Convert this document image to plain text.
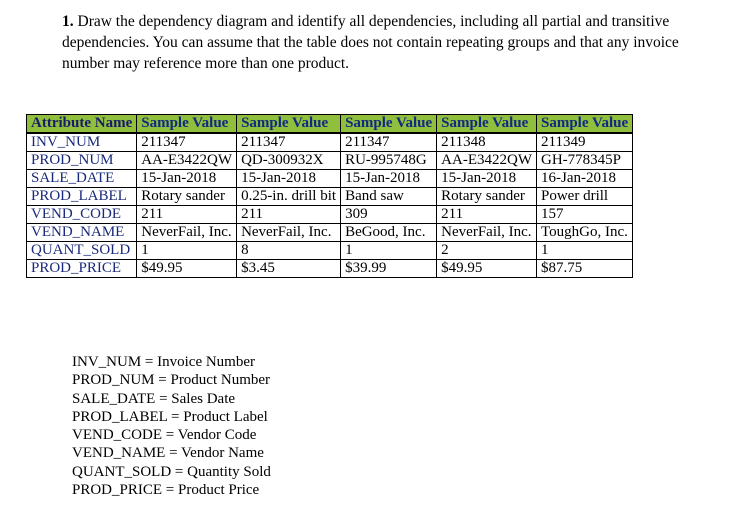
1. Draw the dependency diagram and identify all dependencies, including all partial and transitive dependencies. You can assume that the table does not contain repeating groups and that any invoice number may reference more than one product.

Attribute Name	Sample Value	Sample Value	Sample Value	Sample Value	Sample Value
INV_NUM	211347	211347	211347	211348	211349
PROD_NUM	AA-E3422QW	QD-300932X	RU-995748G	AA-E3422QW	GH-778345P
SALE_DATE	15-Jan-2018	15-Jan-2018	15-Jan-2018	15-Jan-2018	16-Jan-2018
PROD_LABEL	Rotary sander	0.25-in. drill bit	Band saw	Rotary sander	Power drill
VEND_CODE	211	211	309	211	157
VEND_NAME	NeverFail, Inc.	NeverFail, Inc.	BeGood, Inc.	NeverFail, Inc.	ToughGo, Inc.
QUANT_SOLD	1	8	1	2	1
PROD_PRICE	$49.95	$3.45	$39.99	$49.95	$87.75
INV_NUM = Invoice Number
PROD_NUM = Product Number
SALE_DATE = Sales Date
PROD_LABEL = Product Label
VEND_CODE = Vendor Code
VEND_NAME = Vendor Name
QUANT_SOLD = Quantity Sold
PROD_PRICE = Product Price
